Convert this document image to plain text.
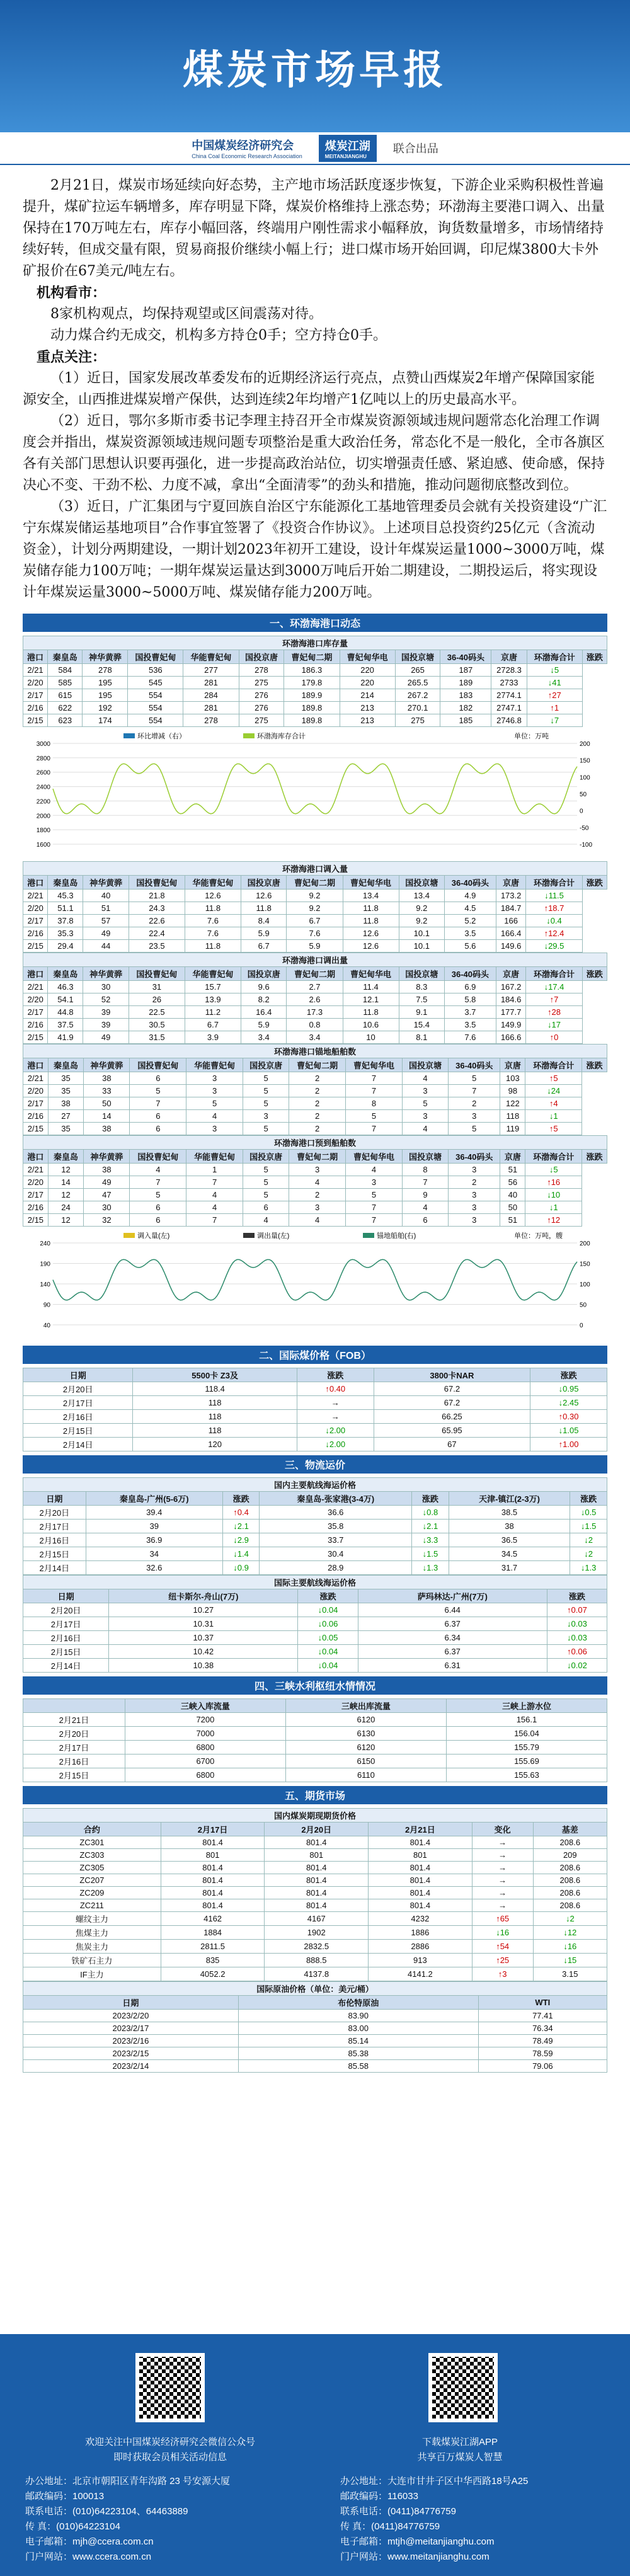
煤炭市场早报
中国煤炭经济研究会
China Coal Economic Research Association
煤炭江湖
MEITANJIANGHU
联合出品

2月21日，煤炭市场延续向好态势，主产地市场活跃度逐步恢复，下游企业采购积极性普遍提升，煤矿拉运车辆增多，库存明显下降，煤炭价格维持上涨态势；环渤海主要港口调入、出量保持在170万吨左右，库存小幅回落，终端用户刚性需求小幅释放，询货数量增多，市场情绪持续好转，但成交量有限，贸易商报价继续小幅上行；进口煤市场开始回调，印尼煤3800大卡外矿报价在67美元/吨左右。

机构看市：

8家机构观点，均保持观望或区间震荡对待。

动力煤合约无成交，机构多方持仓0手；空方持仓0手。

重点关注：

（1）近日，国家发展改革委发布的近期经济运行亮点，点赞山西煤炭2年增产保障国家能源安全，山西推进煤炭增产保供，达到连续2年均增产1亿吨以上的历史最高水平。

（2）近日，鄂尔多斯市委书记李理主持召开全市煤炭资源领域违规问题常态化治理工作调度会并指出，煤炭资源领域违规问题专项整治是重大政治任务，常态化不是一般化，全市各旗区各有关部门思想认识要再强化，进一步提高政治站位，切实增强责任感、紧迫感、使命感，保持决心不变、干劲不松、力度不减，拿出“全面清零”的劲头和措施，推动问题彻底整改到位。

（3）近日，广汇集团与宁夏回族自治区宁东能源化工基地管理委员会就有关投资建设“广汇宁东煤炭储运基地项目”合作事宜签署了《投资合作协议》。上述项目总投资约25亿元（含流动资金），计划分两期建设，一期计划2023年初开工建设，设计年煤炭运量1000~3000万吨，煤炭储存能力100万吨；一期年煤炭运量达到3000万吨后开始二期建设，二期投运后，将实现设计年煤炭运量3000~5000万吨、煤炭储存能力200万吨。

一、环渤海港口动态
环渤海港口库存量												
港口	秦皇岛	神华黄骅	国投曹妃甸	华能曹妃甸	国投京唐	曹妃甸二期	曹妃甸华电	国投京塘	36-40码头	京唐	环渤海合计	涨跌
2/21	584	278	536	277	278	186.3	220	265	187	2728.3	↓5	
2/20	585	195	545	281	275	179.8	220	265.5	189	2733	↓41	
2/17	615	195	554	284	276	189.9	214	267.2	183	2774.1	↑27	
2/16	622	192	554	281	276	189.8	213	270.1	182	2747.1	↑1	
2/15	623	174	554	278	275	189.8	213	275	185	2746.8	↓7	
环比增减（右）	环渤海库存合计	单位：万吨
1600
1800
2000
2200
2400
2600
2800
3000
-100
-50
0
50
100
150
200
环渤海港口调入量												
港口	秦皇岛	神华黄骅	国投曹妃甸	华能曹妃甸	国投京唐	曹妃甸二期	曹妃甸华电	国投京塘	36-40码头	京唐	环渤海合计	涨跌
2/21	45.3	40	21.8	12.6	12.6	9.2	13.4	13.4	4.9	173.2	↓11.5	
2/20	51.1	51	24.3	11.8	11.8	9.2	11.8	9.2	4.5	184.7	↑18.7	
2/17	37.8	57	22.6	7.6	8.4	6.7	11.8	9.2	5.2	166	↓0.4	
2/16	35.3	49	22.4	7.6	5.9	7.6	12.6	10.1	3.5	166.4	↑12.4	
2/15	29.4	44	23.5	11.8	6.7	5.9	12.6	10.1	5.6	149.6	↓29.5	
环渤海港口调出量												
港口	秦皇岛	神华黄骅	国投曹妃甸	华能曹妃甸	国投京唐	曹妃甸二期	曹妃甸华电	国投京塘	36-40码头	京唐	环渤海合计	涨跌
2/21	46.3	30	31	15.7	9.6	2.7	11.4	8.3	6.9	167.2	↓17.4	
2/20	54.1	52	26	13.9	8.2	2.6	12.1	7.5	5.8	184.6	↑7	
2/17	44.8	39	22.5	11.2	16.4	17.3	11.8	9.1	3.7	177.7	↑28	
2/16	37.5	39	30.5	6.7	5.9	0.8	10.6	15.4	3.5	149.9	↓17	
2/15	41.9	49	31.5	3.9	3.4	3.4	10	8.1	7.6	166.6	↑0	
环渤海港口锚地船舶数												
港口	秦皇岛	神华黄骅	国投曹妃甸	华能曹妃甸	国投京唐	曹妃甸二期	曹妃甸华电	国投京塘	36-40码头	京唐	环渤海合计	涨跌
2/21	35	38	6	3	5	2	7	4	5	103	↑5	
2/20	35	33	5	3	5	2	7	3	7	98	↓24	
2/17	38	50	7	5	5	2	8	5	2	122	↑4	
2/16	27	14	6	4	3	2	5	3	3	118	↓1	
2/15	35	38	6	3	5	2	7	4	5	119	↑5	
环渤海港口预到船舶数												
港口	秦皇岛	神华黄骅	国投曹妃甸	华能曹妃甸	国投京唐	曹妃甸二期	曹妃甸华电	国投京塘	36-40码头	京唐	环渤海合计	涨跌
2/21	12	38	4	1	5	3	4	8	3	51	↓5	
2/20	14	49	7	7	5	4	3	7	2	56	↑16	
2/17	12	47	5	4	5	2	5	9	3	40	↓10	
2/16	24	30	6	4	6	3	7	4	3	50	↓1	
2/15	12	32	6	7	4	4	7	6	3	51	↑12	
调入量(左)	调出量(左)	锚地船舶(右)	单位：万吨，艘
40
90
140
190
240
0
50
100
150
200
二、国际煤价格（FOB）
日期	5500卡 Z3及	涨跌	3800卡NAR	涨跌
2月20日	118.4	↑0.40	67.2	↓0.95
2月17日	118	→	67.2	↓2.45
2月16日	118	→	66.25	↑0.30
2月15日	118	↓2.00	65.95	↓1.05
2月14日	120	↓2.00	67	↑1.00
三、物流运价
国内主要航线海运价格						
日期	秦皇岛-广州(5-6万)	涨跌	秦皇岛-张家港(3-4万)	涨跌	天津-镇江(2-3万)	涨跌
2月20日	39.4	↑0.4	36.6	↓0.8	38.5	↓0.5
2月17日	39	↓2.1	35.8	↓2.1	38	↓1.5
2月16日	36.9	↓2.9	33.7	↓3.3	36.5	↓2
2月15日	34	↓1.4	30.4	↓1.5	34.5	↓2
2月14日	32.6	↓0.9	28.9	↓1.3	31.7	↓1.3
国际主要航线海运价格				
日期	纽卡斯尔-舟山(7万)	涨跌	萨玛林达-广州(7万)	涨跌
2月20日	10.27	↓0.04	6.44	↑0.07
2月17日	10.31	↓0.06	6.37	↓0.03
2月16日	10.37	↓0.05	6.34	↓0.03
2月15日	10.42	↓0.04	6.37	↑0.06
2月14日	10.38	↓0.04	6.31	↓0.02
四、三峡水利枢纽水情情况
	三峡入库流量	三峡出库流量	三峡上游水位
2月21日	7200	6120	156.1
2月20日	7000	6130	156.04
2月17日	6800	6120	155.79
2月16日	6700	6150	155.69
2月15日	6800	6110	155.63
五、期货市场
国内煤炭期现期货价格					
合约	2月17日	2月20日	2月21日	变化	基差
ZC301	801.4	801.4	801.4	→	208.6
ZC303	801	801	801	→	209
ZC305	801.4	801.4	801.4	→	208.6
ZC207	801.4	801.4	801.4	→	208.6
ZC209	801.4	801.4	801.4	→	208.6
ZC211	801.4	801.4	801.4	→	208.6
螺纹主力	4162	4167	4232	↑65	↓2
焦煤主力	1884	1902	1886	↓16	↓12
焦炭主力	2811.5	2832.5	2886	↑54	↓16
铁矿石主力	835	888.5	913	↑25	↓15
IF主力	4052.2	4137.8	4141.2	↑3	3.15
国际原油价格（单位：美元/桶）		
日期	布伦特原油	WTI
2023/2/20	83.90	77.41
2023/2/17	83.00	76.34
2023/2/16	85.14	78.49
2023/2/15	85.38	78.59
2023/2/14	85.58	79.06
欢迎关注中国煤炭经济研究会微信公众号
即时获取会员相关活动信息
下载煤炭江湖APP
共享百万煤炭人智慧
办公地址：北京市朝阳区青年沟路 23 号安源大厦
邮政编码：100013
联系电话：(010)64223104、64463889
传 真：(010)64223104
电子邮箱：mjh@ccera.com.cn
门户网站：www.ccera.com.cn
办公地址：大连市甘井子区中华西路18号A25
邮政编码：116033
联系电话：(0411)84776759
传 真：(0411)84776759
电子邮箱：mtjh@meitanjianghu.com
门户网站：www.meitanjianghu.com
